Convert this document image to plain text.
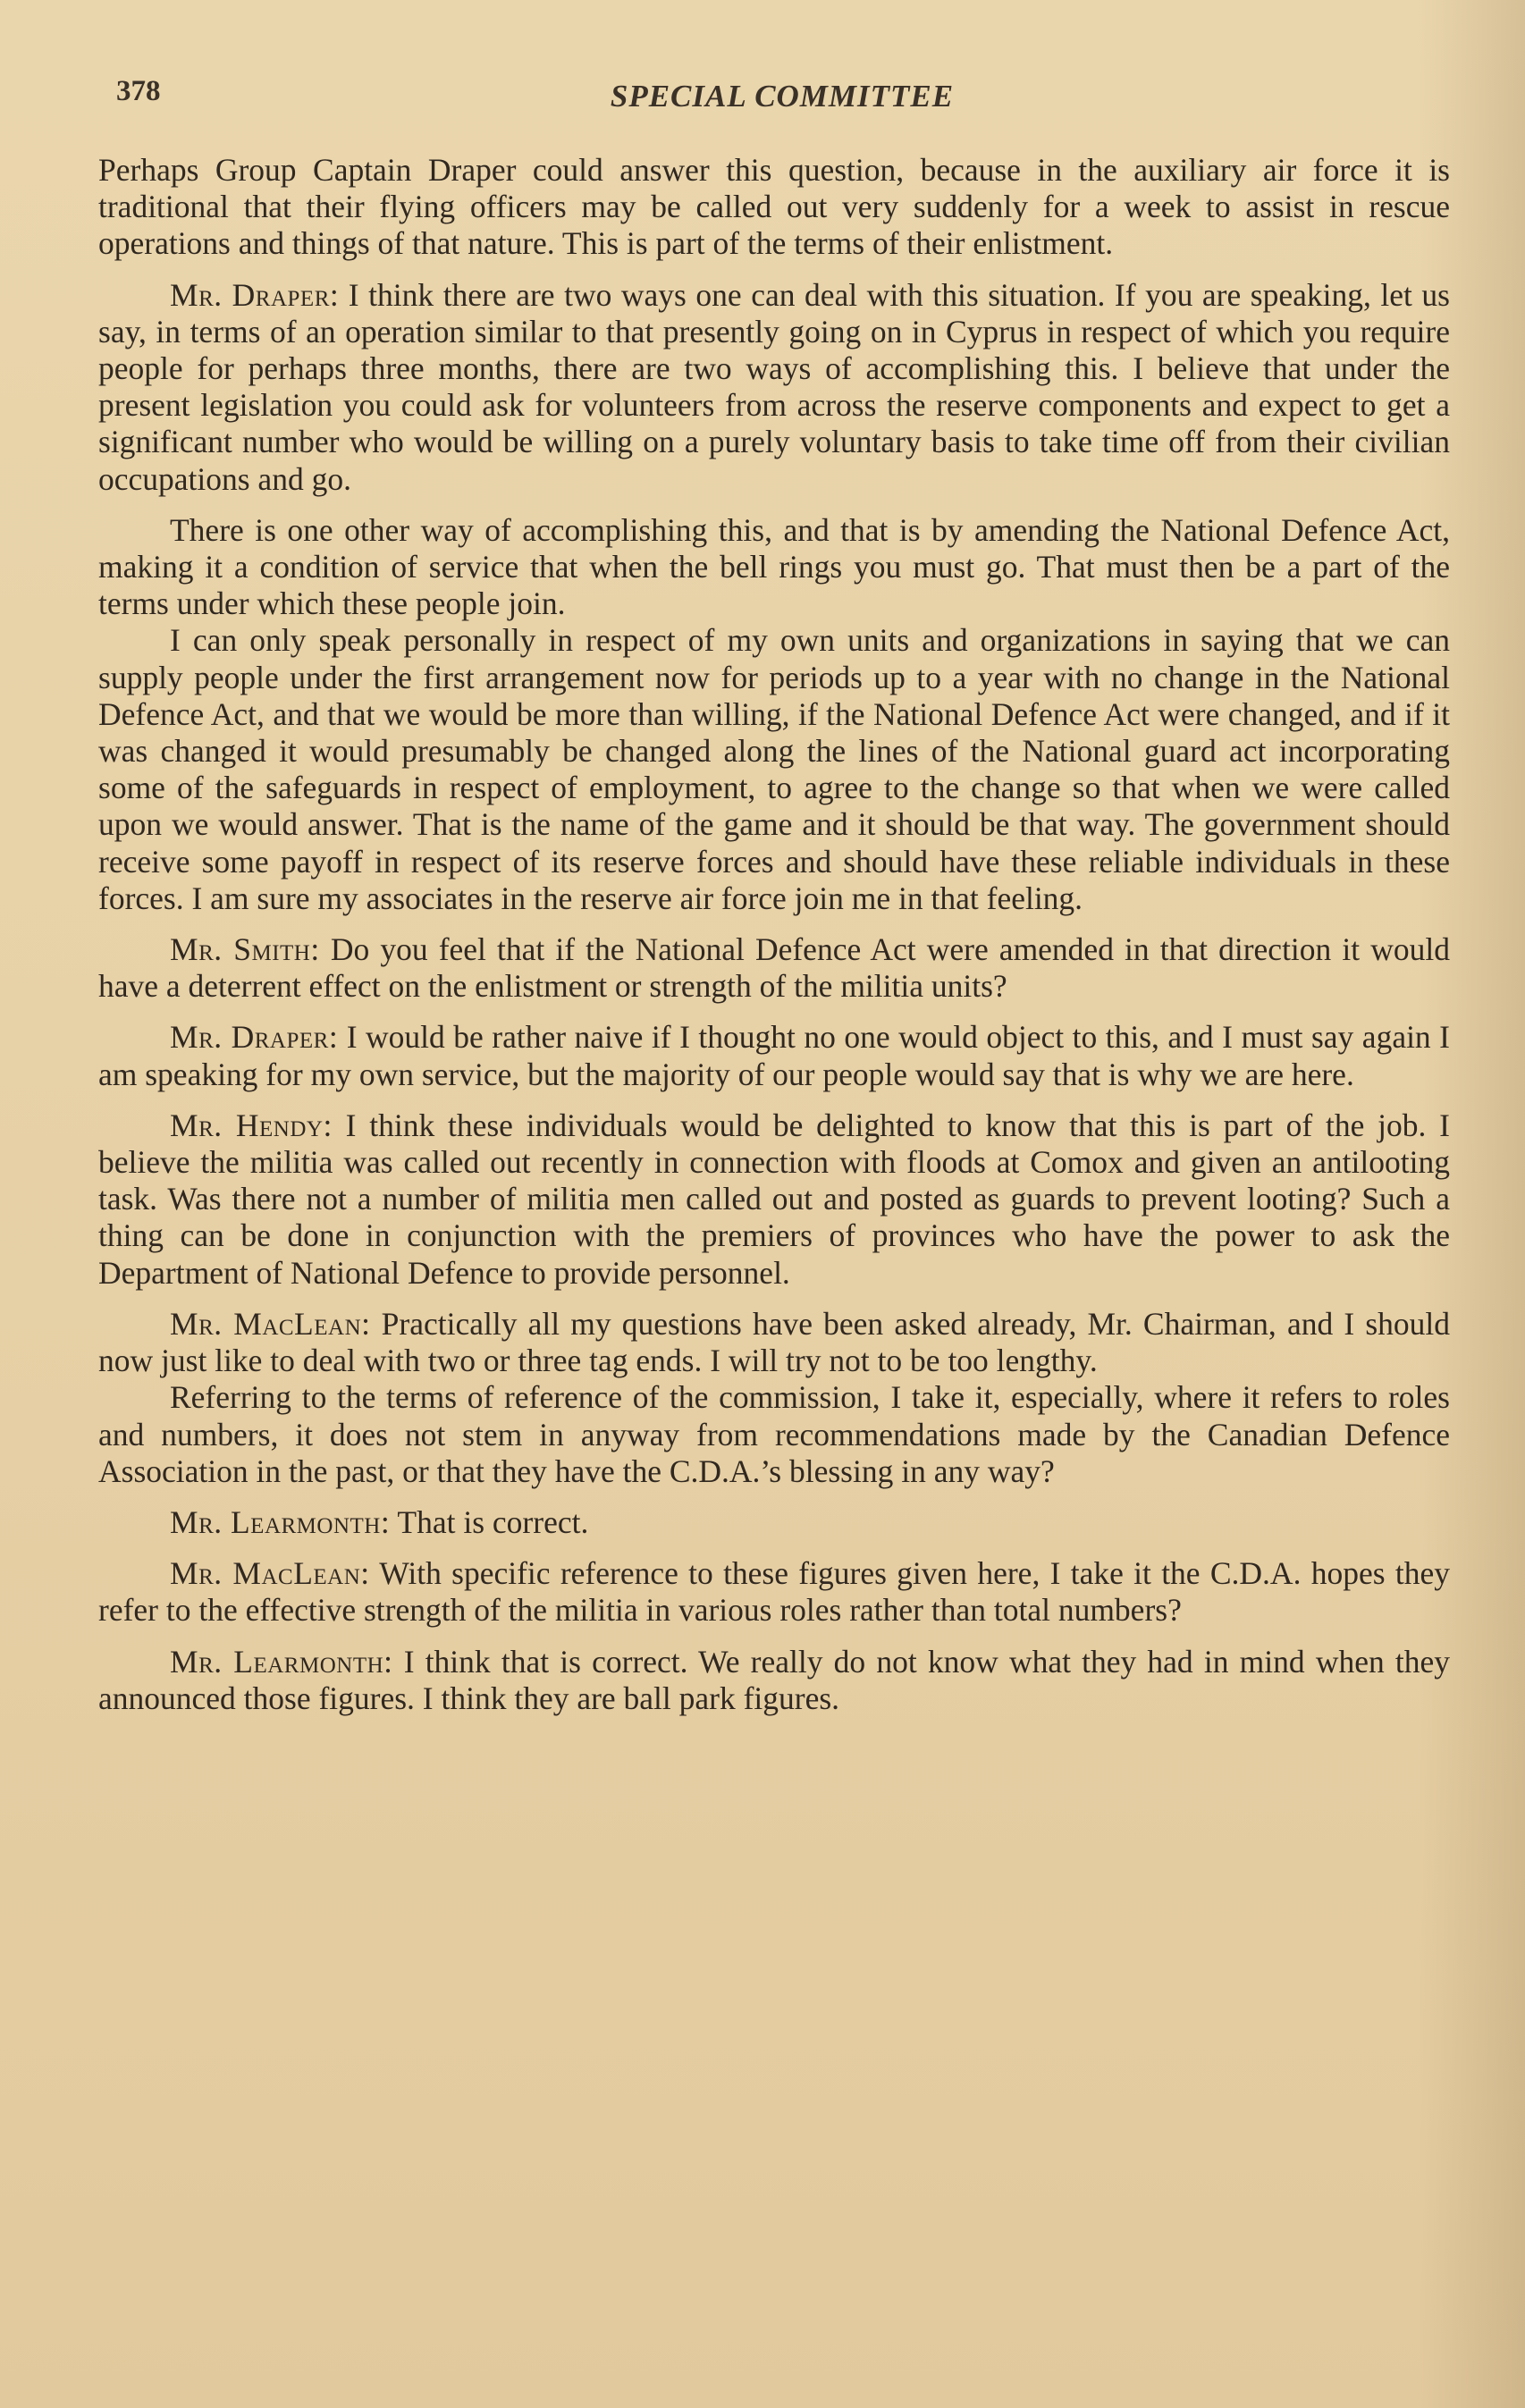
378	SPECIAL COMMITTEE

Perhaps Group Captain Draper could answer this question, because in the auxiliary air force it is traditional that their flying officers may be called out very suddenly for a week to assist in rescue operations and things of that nature. This is part of the terms of their enlistment.

Mr. Draper: I think there are two ways one can deal with this situation. If you are speaking, let us say, in terms of an operation similar to that presently going on in Cyprus in respect of which you require people for perhaps three months, there are two ways of accomplishing this. I believe that under the present legislation you could ask for volunteers from across the reserve components and expect to get a significant number who would be willing on a purely voluntary basis to take time off from their civilian occupations and go.

There is one other way of accomplishing this, and that is by amending the National Defence Act, making it a condition of service that when the bell rings you must go. That must then be a part of the terms under which these people join.

I can only speak personally in respect of my own units and organizations in saying that we can supply people under the first arrangement now for periods up to a year with no change in the National Defence Act, and that we would be more than willing, if the National Defence Act were changed, and if it was changed it would presumably be changed along the lines of the National guard act incorporating some of the safeguards in respect of employment, to agree to the change so that when we were called upon we would answer. That is the name of the game and it should be that way. The government should receive some payoff in respect of its reserve forces and should have these reliable individuals in these forces. I am sure my associates in the reserve air force join me in that feeling.

Mr. Smith: Do you feel that if the National Defence Act were amended in that direction it would have a deterrent effect on the enlistment or strength of the militia units?

Mr. Draper: I would be rather naive if I thought no one would object to this, and I must say again I am speaking for my own service, but the majority of our people would say that is why we are here.

Mr. Hendy: I think these individuals would be delighted to know that this is part of the job. I believe the militia was called out recently in connection with floods at Comox and given an antilooting task. Was there not a number of militia men called out and posted as guards to prevent looting? Such a thing can be done in conjunction with the premiers of provinces who have the power to ask the Department of National Defence to provide personnel.

Mr. MacLean: Practically all my questions have been asked already, Mr. Chairman, and I should now just like to deal with two or three tag ends. I will try not to be too lengthy.

Referring to the terms of reference of the commission, I take it, especially, where it refers to roles and numbers, it does not stem in anyway from recommendations made by the Canadian Defence Association in the past, or that they have the C.D.A.’s blessing in any way?

Mr. Learmonth: That is correct.

Mr. MacLean: With specific reference to these figures given here, I take it the C.D.A. hopes they refer to the effective strength of the militia in various roles rather than total numbers?

Mr. Learmonth: I think that is correct. We really do not know what they had in mind when they announced those figures. I think they are ball park figures.
